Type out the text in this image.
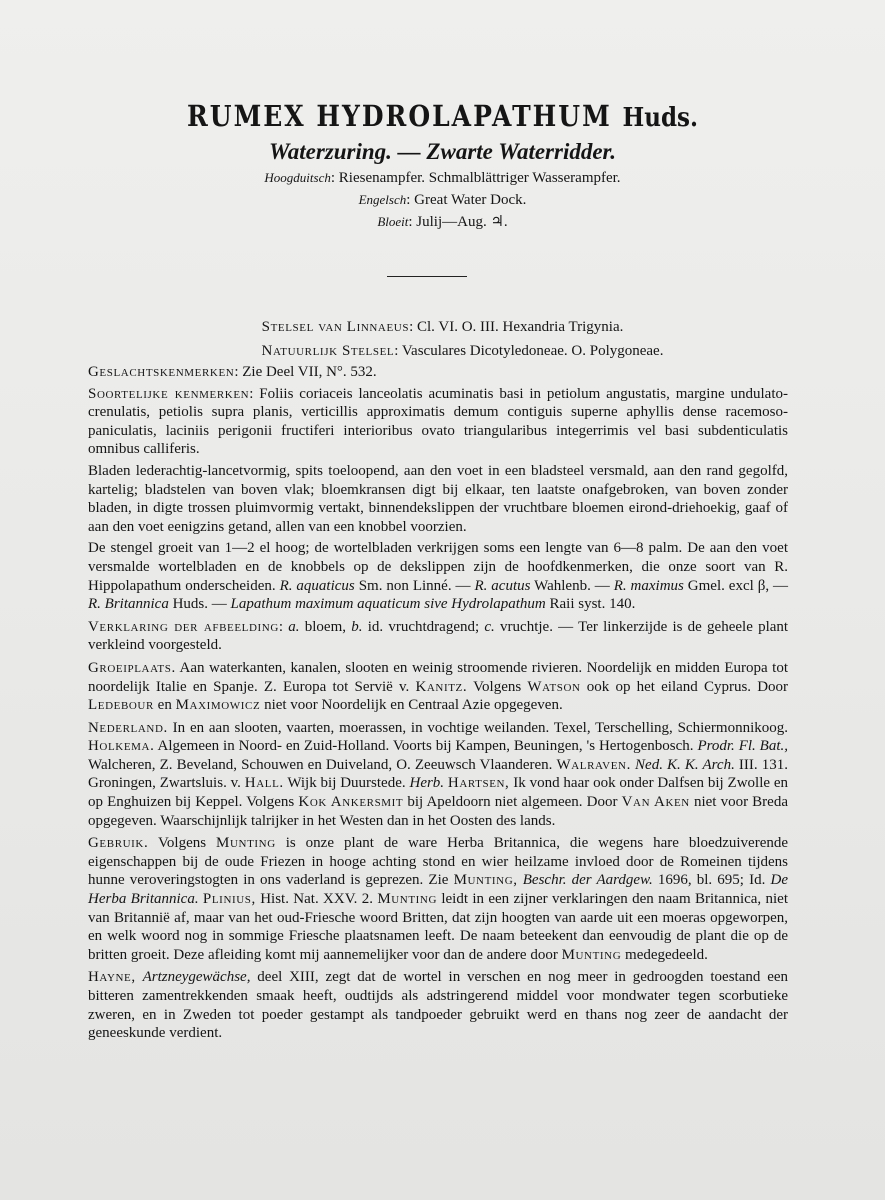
RUMEX HYDROLAPATHUM Huds.
Waterzuring. — Zwarte Waterridder.
Hoogduitsch: Riesenampfer. Schmalblättriger Wasserampfer.
Engelsch: Great Water Dock.
Bloeit: Julij—Aug. ♃.
Stelsel van Linnaeus: Cl. VI. O. III. Hexandria Trigynia.
Natuurlijk Stelsel: Vasculares Dicotyledoneae. O. Polygoneae.

Geslachtskenmerken: Zie Deel VII, N°. 532.

Soortelijke kenmerken: Foliis coriaceis lanceolatis acuminatis basi in petiolum angustatis, margine undulato-crenulatis, petiolis supra planis, verticillis approximatis demum contiguis superne aphyllis dense racemoso-paniculatis, laciniis perigonii fructiferi interioribus ovato triangularibus integerrimis vel basi subdenticulatis omnibus calliferis.

Bladen lederachtig-lancetvormig, spits toeloopend, aan den voet in een bladsteel versmald, aan den rand gegolfd, kartelig; bladstelen van boven vlak; bloemkransen digt bij elkaar, ten laatste onafgebroken, van boven zonder bladen, in digte trossen pluimvormig vertakt, binnendekslippen der vruchtbare bloemen eirond-driehoekig, gaaf of aan den voet eenigzins getand, allen van een knobbel voorzien.

De stengel groeit van 1—2 el hoog; de wortelbladen verkrijgen soms een lengte van 6—8 palm. De aan den voet versmalde wortelbladen en de knobbels op de dekslippen zijn de hoofdkenmerken, die onze soort van R. Hippolapathum onderscheiden. R. aquaticus Sm. non Linné. — R. acutus Wahlenb. — R. maximus Gmel. excl β, — R. Britannica Huds. — Lapathum maximum aquaticum sive Hydrolapathum Raii syst. 140.

Verklaring der afbeelding: a. bloem, b. id. vruchtdragend; c. vruchtje. — Ter linkerzijde is de geheele plant verkleind voorgesteld.

Groeiplaats. Aan waterkanten, kanalen, slooten en weinig stroomende rivieren. Noordelijk en midden Europa tot noordelijk Italie en Spanje. Z. Europa tot Servië v. Kanitz. Volgens Watson ook op het eiland Cyprus. Door Ledebour en Maximowicz niet voor Noordelijk en Centraal Azie opgegeven.

Nederland. In en aan slooten, vaarten, moerassen, in vochtige weilanden. Texel, Terschelling, Schiermonnikoog. Holkema. Algemeen in Noord- en Zuid-Holland. Voorts bij Kampen, Beuningen, 's Hertogenbosch. Prodr. Fl. Bat., Walcheren, Z. Beveland, Schouwen en Duiveland, O. Zeeuwsch Vlaanderen. Walraven. Ned. K. K. Arch. III. 131. Groningen, Zwartsluis. v. Hall. Wijk bij Duurstede. Herb. Hartsen, Ik vond haar ook onder Dalfsen bij Zwolle en op Enghuizen bij Keppel. Volgens Kok Ankersmit bij Apeldoorn niet algemeen. Door Van Aken niet voor Breda opgegeven. Waarschijnlijk talrijker in het Westen dan in het Oosten des lands.

Gebruik. Volgens Munting is onze plant de ware Herba Britannica, die wegens hare bloedzuiverende eigenschappen bij de oude Friezen in hooge achting stond en wier heilzame invloed door de Romeinen tijdens hunne veroveringstogten in ons vaderland is geprezen. Zie Munting, Beschr. der Aardgew. 1696, bl. 695; Id. De Herba Britannica. Plinius, Hist. Nat. XXV. 2. Munting leidt in een zijner verklaringen den naam Britannica, niet van Britannië af, maar van het oud-Friesche woord Britten, dat zijn hoogten van aarde uit een moeras opgeworpen, en welk woord nog in sommige Friesche plaatsnamen leeft. De naam beteekent dan eenvoudig de plant die op de britten groeit. Deze afleiding komt mij aannemelijker voor dan de andere door Munting medegedeeld.

Hayne, Artzneygewächse, deel XIII, zegt dat de wortel in verschen en nog meer in gedroogden toestand een bitteren zamentrekkenden smaak heeft, oudtijds als adstringerend middel voor mondwater tegen scorbutieke zweren, en in Zweden tot poeder gestampt als tandpoeder gebruikt werd en thans nog zeer de aandacht der geneeskunde verdient.
